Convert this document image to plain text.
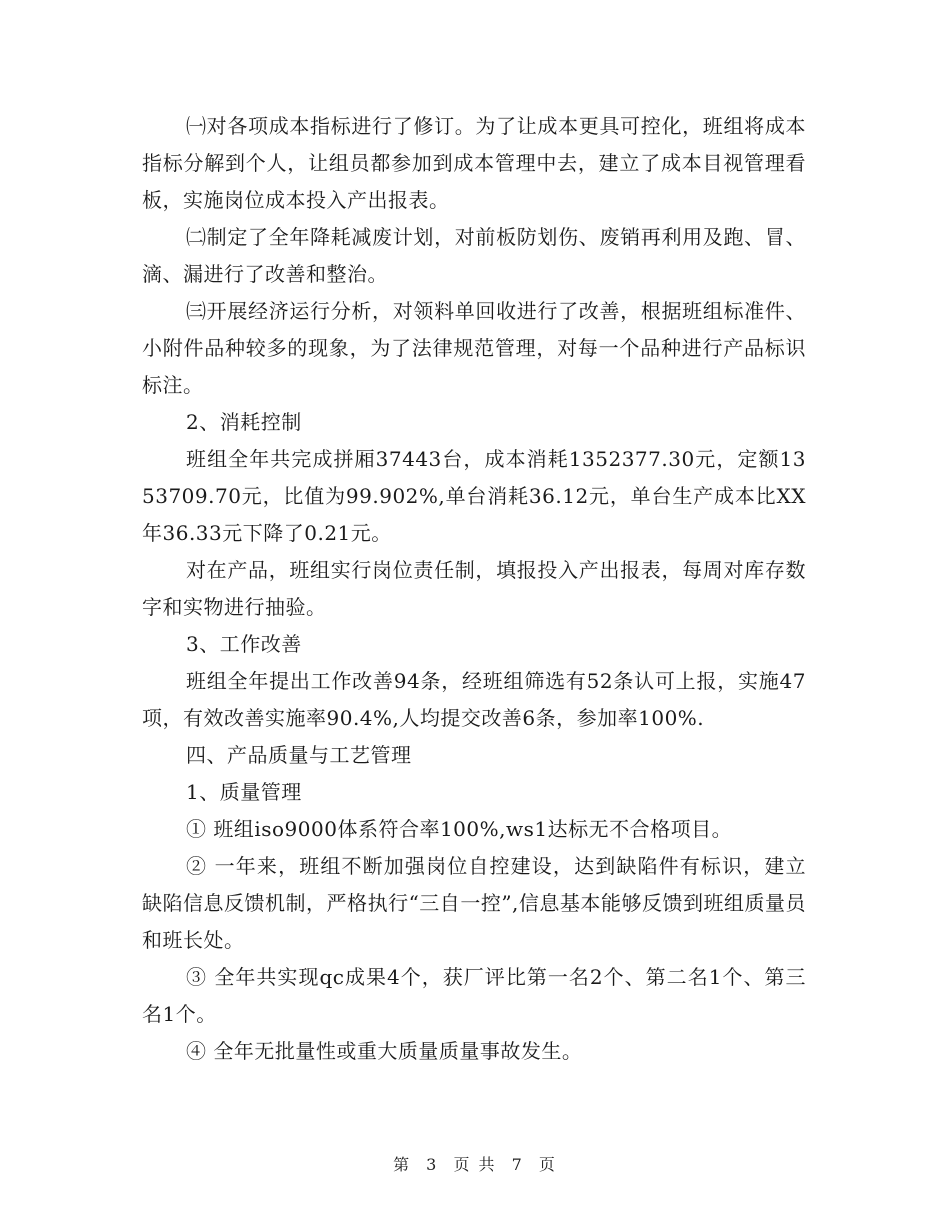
㈠对各项成本指标进行了修订。为了让成本更具可控化，班组将成本指标分解到个人，让组员都参加到成本管理中去，建立了成本目视管理看板，实施岗位成本投入产出报表。

㈡制定了全年降耗减废计划，对前板防划伤、废销再利用及跑、冒、滴、漏进行了改善和整治。

㈢开展经济运行分析，对领料单回收进行了改善，根据班组标准件、小附件品种较多的现象，为了法律规范管理，对每一个品种进行产品标识标注。

2、消耗控制

班组全年共完成拼厢37443台，成本消耗1352377.30元，定额1353709.70元，比值为99.902%,单台消耗36.12元，单台生产成本比XX年36.33元下降了0.21元。

对在产品，班组实行岗位责任制，填报投入产出报表，每周对库存数字和实物进行抽验。

3、工作改善

班组全年提出工作改善94条，经班组筛选有52条认可上报，实施47项，有效改善实施率90.4%,人均提交改善6条，参加率100%.

四、产品质量与工艺管理

1、质量管理

① 班组iso9000体系符合率100%,ws1达标无不合格项目。

② 一年来，班组不断加强岗位自控建设，达到缺陷件有标识，建立缺陷信息反馈机制，严格执行“三自一控”,信息基本能够反馈到班组质量员和班长处。

③ 全年共实现qc成果4个，获厂评比第一名2个、第二名1个、第三名1个。

④ 全年无批量性或重大质量质量事故发生。

第 3 页 共 7 页
